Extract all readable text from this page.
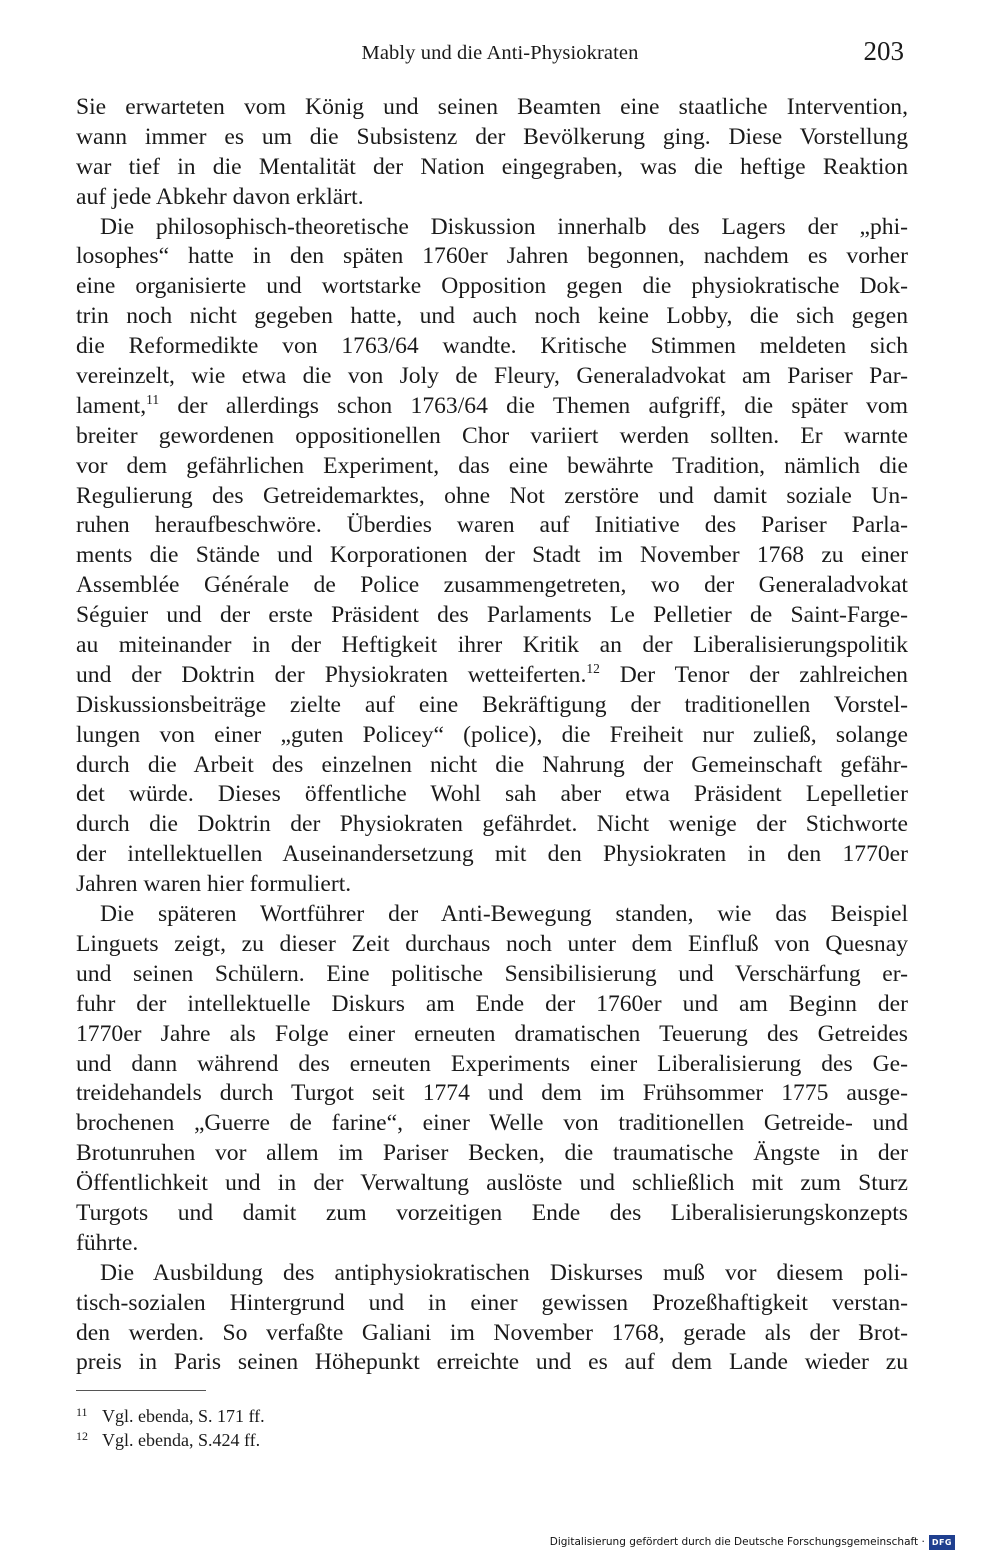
Mably und die Anti-Physiokraten	203
Sie erwarteten vom König und seinen Beamten eine staatliche Intervention,
wann immer es um die Subsistenz der Bevölkerung ging. Diese Vorstellung
war tief in die Mentalität der Nation eingegraben, was die heftige Reaktion
auf jede Abkehr davon erklärt.
Die philosophisch-theoretische Diskussion innerhalb des Lagers der „phi-
losophes“ hatte in den späten 1760er Jahren begonnen, nachdem es vorher
eine organisierte und wortstarke Opposition gegen die physiokratische Dok-
trin noch nicht gegeben hatte, und auch noch keine Lobby, die sich gegen
die Reformedikte von 1763/64 wandte. Kritische Stimmen meldeten sich
vereinzelt, wie etwa die von Joly de Fleury, Generaladvokat am Pariser Par-
lament,$^{11}$ der allerdings schon 1763/64 die Themen aufgriff, die später vom
breiter gewordenen oppositionellen Chor variiert werden sollten. Er warnte
vor dem gefährlichen Experiment, das eine bewährte Tradition, nämlich die
Regulierung des Getreidemarktes, ohne Not zerstöre und damit soziale Un-
ruhen heraufbeschwöre. Überdies waren auf Initiative des Pariser Parla-
ments die Stände und Korporationen der Stadt im November 1768 zu einer
Assemblée Générale de Police zusammengetreten, wo der Generaladvokat
Séguier und der erste Präsident des Parlaments Le Pelletier de Saint-Farge-
au miteinander in der Heftigkeit ihrer Kritik an der Liberalisierungspolitik
und der Doktrin der Physiokraten wetteiferten.$^{12}$ Der Tenor der zahlreichen
Diskussionsbeiträge zielte auf eine Bekräftigung der traditionellen Vorstel-
lungen von einer „guten Policey“ (police), die Freiheit nur zuließ, solange
durch die Arbeit des einzelnen nicht die Nahrung der Gemeinschaft gefähr-
det würde. Dieses öffentliche Wohl sah aber etwa Präsident Lepelletier
durch die Doktrin der Physiokraten gefährdet. Nicht wenige der Stichworte
der intellektuellen Auseinandersetzung mit den Physiokraten in den 1770er
Jahren waren hier formuliert.
Die späteren Wortführer der Anti-Bewegung standen, wie das Beispiel
Linguets zeigt, zu dieser Zeit durchaus noch unter dem Einfluß von Quesnay
und seinen Schülern. Eine politische Sensibilisierung und Verschärfung er-
fuhr der intellektuelle Diskurs am Ende der 1760er und am Beginn der
1770er Jahre als Folge einer erneuten dramatischen Teuerung des Getreides
und dann während des erneuten Experiments einer Liberalisierung des Ge-
treidehandels durch Turgot seit 1774 und dem im Frühsommer 1775 ausge-
brochenen „Guerre de farine“, einer Welle von traditionellen Getreide- und
Brotunruhen vor allem im Pariser Becken, die traumatische Ängste in der
Öffentlichkeit und in der Verwaltung auslöste und schließlich mit zum Sturz
Turgots und damit zum vorzeitigen Ende des Liberalisierungskonzepts
führte.
Die Ausbildung des antiphysiokratischen Diskurses muß vor diesem poli-
tisch-sozialen Hintergrund und in einer gewissen Prozeßhaftigkeit verstan-
den werden. So verfaßte Galiani im November 1768, gerade als der Brot-
preis in Paris seinen Höhepunkt erreichte und es auf dem Lande wieder zu
11 Vgl. ebenda, S. 171 ff.
12 Vgl. ebenda, S.424 ff.
Digitalisierung gefördert durch die Deutsche Forschungsgemeinschaft · DFG
